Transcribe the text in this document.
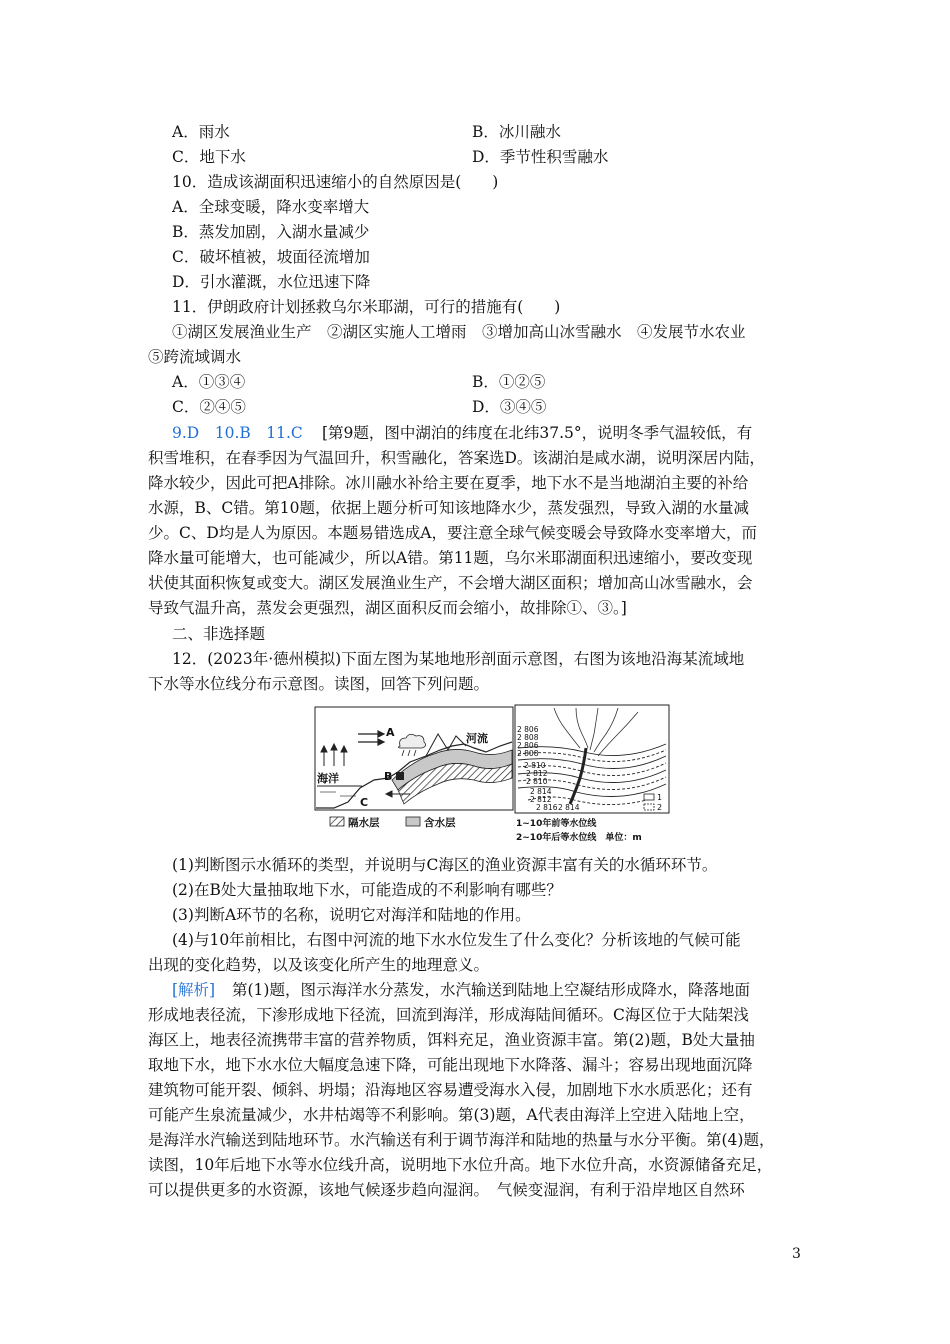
A．雨水	B．冰川融水
C．地下水	D．季节性积雪融水
10．造成该湖面积迅速缩小的自然原因是(　　)
A．全球变暖，降水变率增大
B．蒸发加剧，入湖水量减少
C．破坏植被，坡面径流增加
D．引水灌溉，水位迅速下降
11．伊朗政府计划拯救乌尔米耶湖，可行的措施有(　　)
①湖区发展渔业生产　②湖区实施人工增雨　③增加高山冰雪融水　④发展节水农业
⑤跨流域调水
A．①③④	B．①②⑤
C．②④⑤	D．③④⑤
9.D　10.B　11.C [第9题，图中湖泊的纬度在北纬37.5°，说明冬季气温较低，有
积雪堆积，在春季因为气温回升，积雪融化，答案选D。该湖泊是咸水湖，说明深居内陆，
降水较少，因此可把A排除。冰川融水补给主要在夏季，地下水不是当地湖泊主要的补给
水源，B、C错。第10题，依据上题分析可知该地降水少，蒸发强烈，导致入湖的水量减
少。C、D均是人为原因。本题易错选成A，要注意全球气候变暖会导致降水变率增大，而
降水量可能增大，也可能减少，所以A错。第11题，乌尔米耶湖面积迅速缩小，要改变现
状使其面积恢复或变大。湖区发展渔业生产，不会增大湖区面积；增加高山冰雪融水，会
导致气温升高，蒸发会更强烈，湖区面积反而会缩小，故排除①、③。]
二、非选择题
12．(2023年·德州模拟)下面左图为某地地形剖面示意图，右图为该地沿海某流域地
下水等水位线分布示意图。读图，回答下列问题。
A
B
C
海洋
河流
隔水层	含水层
2 806
2 808
2 806
2 808
2 810
2 812
2 810
2 814
2 812
2 816 2 814
1
2
1~10年前等水位线
2~10年后等水位线　单位：m
(1)判断图示水循环的类型，并说明与C海区的渔业资源丰富有关的水循环环节。
(2)在B处大量抽取地下水，可能造成的不利影响有哪些？
(3)判断A环节的名称，说明它对海洋和陆地的作用。
(4)与10年前相比，右图中河流的地下水水位发生了什么变化？分析该地的气候可能
出现的变化趋势，以及该变化所产生的地理意义。
[解析] 第(1)题，图示海洋水分蒸发，水汽输送到陆地上空凝结形成降水，降落地面
形成地表径流，下渗形成地下径流，回流到海洋，形成海陆间循环。C海区位于大陆架浅
海区上，地表径流携带丰富的营养物质，饵料充足，渔业资源丰富。第(2)题，B处大量抽
取地下水，地下水水位大幅度急速下降，可能出现地下水降落、漏斗；容易出现地面沉降
建筑物可能开裂、倾斜、坍塌；沿海地区容易遭受海水入侵，加剧地下水水质恶化；还有
可能产生泉流量减少，水井枯竭等不利影响。第(3)题，A代表由海洋上空进入陆地上空，
是海洋水汽输送到陆地环节。水汽输送有利于调节海洋和陆地的热量与水分平衡。第(4)题，
读图，10年后地下水等水位线升高，说明地下水位升高。地下水位升高，水资源储备充足，
可以提供更多的水资源，该地气候逐步趋向湿润。　气候变湿润，有利于沿岸地区自然环
3
